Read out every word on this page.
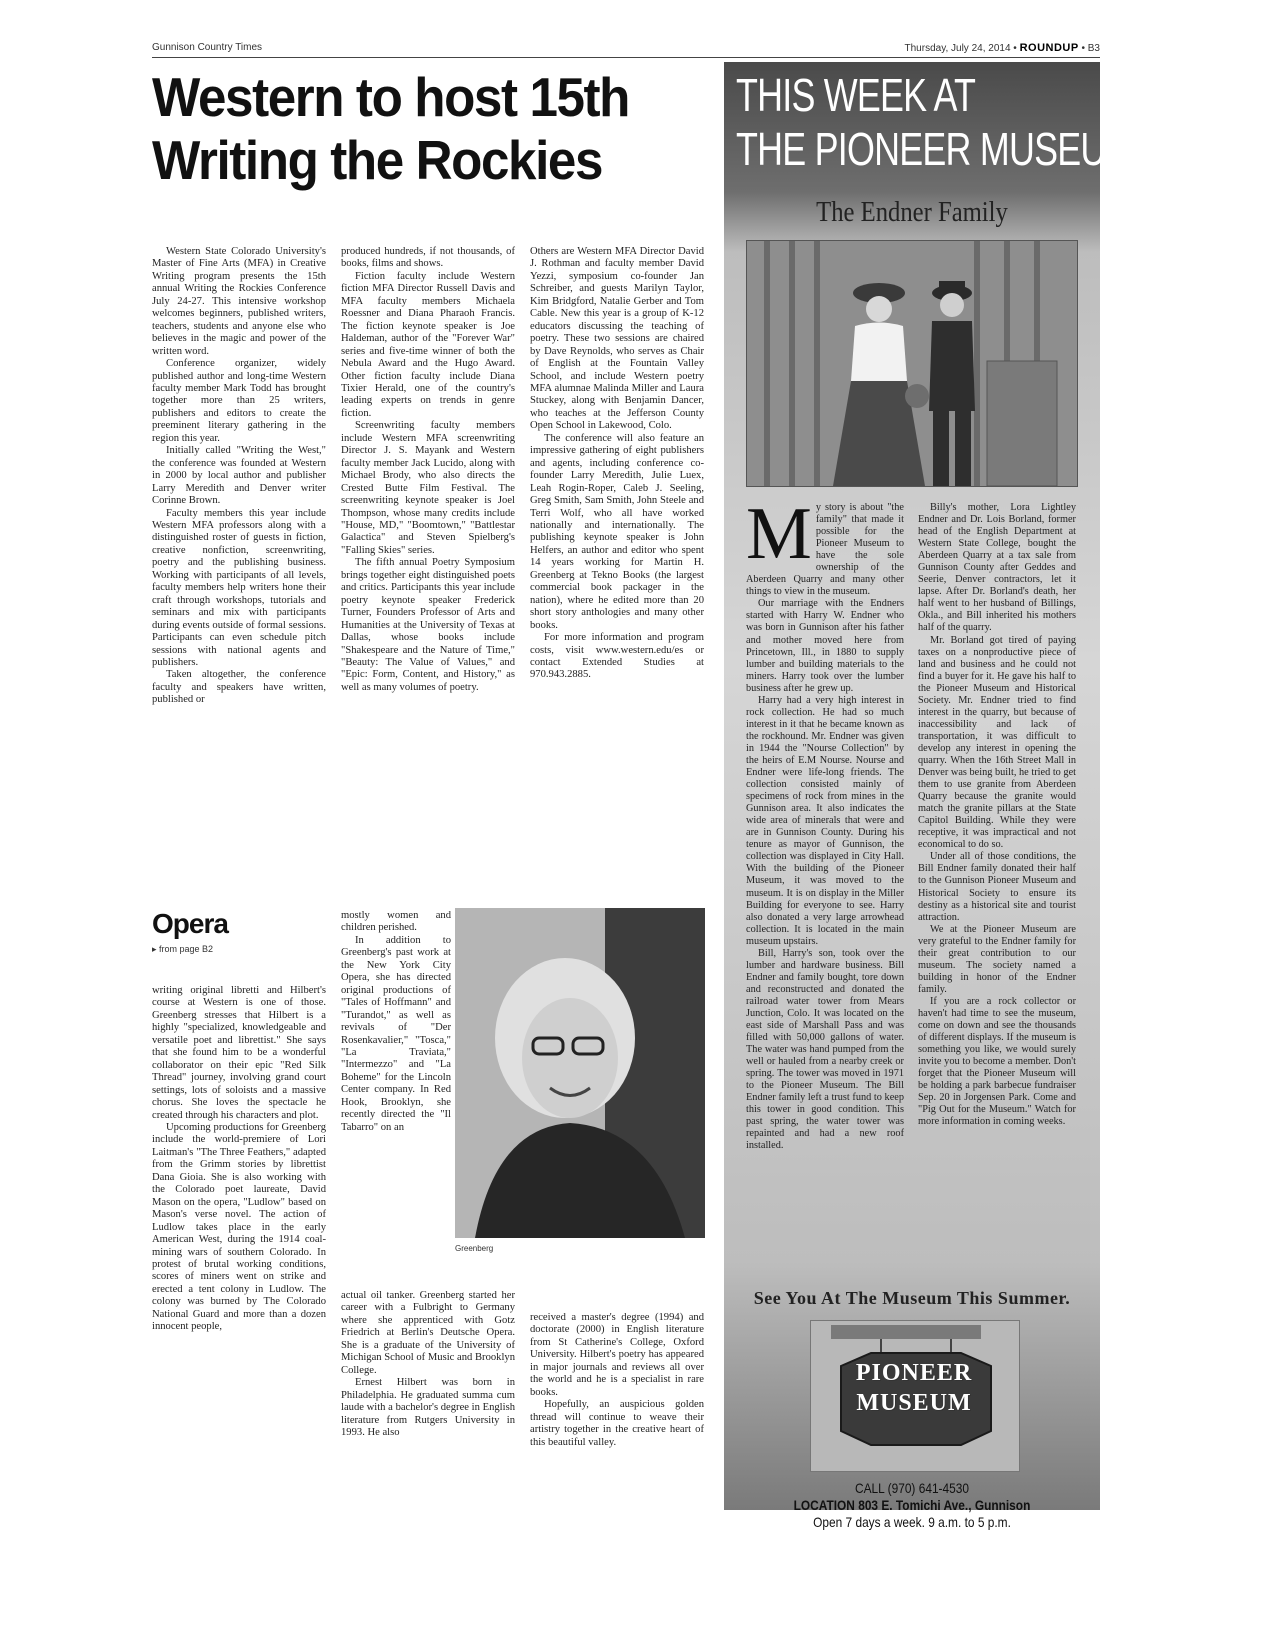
Gunnison Country Times	Thursday, July 24, 2014 • ROUNDUP • B3
Western to host 15th
Writing the Rockies

Western State Colorado University's Master of Fine Arts (MFA) in Creative Writing program presents the 15th annual Writing the Rockies Conference July 24-27. This intensive workshop welcomes beginners, published writers, teachers, students and anyone else who believes in the magic and power of the written word.

Conference organizer, widely published author and long-time Western faculty member Mark Todd has brought together more than 25 writers, publishers and editors to create the preeminent literary gathering in the region this year.

Initially called "Writing the West," the conference was founded at Western in 2000 by local author and publisher Larry Meredith and Denver writer Corinne Brown.

Faculty members this year include Western MFA professors along with a distinguished roster of guests in fiction, creative nonfiction, screenwriting, poetry and the publishing business. Working with participants of all levels, faculty members help writers hone their craft through workshops, tutorials and seminars and mix with participants during events outside of formal sessions. Participants can even schedule pitch sessions with national agents and publishers.

Taken altogether, the conference faculty and speakers have written, published or

produced hundreds, if not thousands, of books, films and shows.

Fiction faculty include Western fiction MFA Director Russell Davis and MFA faculty members Michaela Roessner and Diana Pharaoh Francis. The fiction keynote speaker is Joe Haldeman, author of the "Forever War" series and five-time winner of both the Nebula Award and the Hugo Award. Other fiction faculty include Diana Tixier Herald, one of the country's leading experts on trends in genre fiction.

Screenwriting faculty members include Western MFA screenwriting Director J. S. Mayank and Western faculty member Jack Lucido, along with Michael Brody, who also directs the Crested Butte Film Festival. The screenwriting keynote speaker is Joel Thompson, whose many credits include "House, MD," "Boomtown," "Battlestar Galactica" and Steven Spielberg's "Falling Skies" series.

The fifth annual Poetry Symposium brings together eight distinguished poets and critics. Participants this year include poetry keynote speaker Frederick Turner, Founders Professor of Arts and Humanities at the University of Texas at Dallas, whose books include "Shakespeare and the Nature of Time," "Beauty: The Value of Values," and "Epic: Form, Content, and History," as well as many volumes of poetry.

Others are Western MFA Director David J. Rothman and faculty member David Yezzi, symposium co-founder Jan Schreiber, and guests Marilyn Taylor, Kim Bridgford, Natalie Gerber and Tom Cable. New this year is a group of K-12 educators discussing the teaching of poetry. These two sessions are chaired by Dave Reynolds, who serves as Chair of English at the Fountain Valley School, and include Western poetry MFA alumnae Malinda Miller and Laura Stuckey, along with Benjamin Dancer, who teaches at the Jefferson County Open School in Lakewood, Colo.

The conference will also feature an impressive gathering of eight publishers and agents, including conference co-founder Larry Meredith, Julie Luex, Leah Rogin-Roper, Caleb J. Seeling, Greg Smith, Sam Smith, John Steele and Terri Wolf, who all have worked nationally and internationally. The publishing keynote speaker is John Helfers, an author and editor who spent 14 years working for Martin H. Greenberg at Tekno Books (the largest commercial book packager in the nation), where he edited more than 20 short story anthologies and many other books.

For more information and program costs, visit www.western.edu/es or contact Extended Studies at 970.943.2885.

Opera
▸ from page B2

writing original libretti and Hilbert's course at Western is one of those. Greenberg stresses that Hilbert is a highly "specialized, knowledgeable and versatile poet and librettist." She says that she found him to be a wonderful collaborator on their epic "Red Silk Thread" journey, involving grand court settings, lots of soloists and a massive chorus. She loves the spectacle he created through his characters and plot.

Upcoming productions for Greenberg include the world-premiere of Lori Laitman's "The Three Feathers," adapted from the Grimm stories by librettist Dana Gioia. She is also working with the Colorado poet laureate, David Mason on the opera, "Ludlow" based on Mason's verse novel. The action of Ludlow takes place in the early American West, during the 1914 coal-mining wars of southern Colorado. In protest of brutal working conditions, scores of miners went on strike and erected a tent colony in Ludlow. The colony was burned by The Colorado National Guard and more than a dozen innocent people,

mostly women and children perished.

In addition to Greenberg's past work at the New York City Opera, she has directed original productions of "Tales of Hoffmann" and "Turandot," as well as revivals of "Der Rosenkavalier," "Tosca," "La Traviata," "Intermezzo" and "La Boheme" for the Lincoln Center company. In Red Hook, Brooklyn, she recently directed the "Il Tabarro" on an

actual oil tanker. Greenberg started her career with a Fulbright to Germany where she apprenticed with Gotz Friedrich at Berlin's Deutsche Opera. She is a graduate of the University of Michigan School of Music and Brooklyn College.

Ernest Hilbert was born in Philadelphia. He graduated summa cum laude with a bachelor's degree in English literature from Rutgers University in 1993. He also

received a master's degree (1994) and doctorate (2000) in English literature from St Catherine's College, Oxford University. Hilbert's poetry has appeared in major journals and reviews all over the world and he is a specialist in rare books.

Hopefully, an auspicious golden thread will continue to weave their artistry together in the creative heart of this beautiful valley.

Greenberg
THIS WEEK AT
THE PIONEER MUSEUM
The Endner Family

My story is about "the family" that made it possible for the Pioneer Museum to have the sole ownership of the Aberdeen Quarry and many other things to view in the museum.

Our marriage with the Endners started with Harry W. Endner who was born in Gunnison after his father and mother moved here from Princetown, Ill., in 1880 to supply lumber and building materials to the miners. Harry took over the lumber business after he grew up.

Harry had a very high interest in rock collection. He had so much interest in it that he became known as the rockhound. Mr. Endner was given in 1944 the "Nourse Collection" by the heirs of E.M Nourse. Nourse and Endner were life-long friends. The collection consisted mainly of specimens of rock from mines in the Gunnison area. It also indicates the wide area of minerals that were and are in Gunnison County. During his tenure as mayor of Gunnison, the collection was displayed in City Hall. With the building of the Pioneer Museum, it was moved to the museum. It is on display in the Miller Building for everyone to see. Harry also donated a very large arrowhead collection. It is located in the main museum upstairs.

Bill, Harry's son, took over the lumber and hardware business. Bill Endner and family bought, tore down and reconstructed and donated the railroad water tower from Mears Junction, Colo. It was located on the east side of Marshall Pass and was filled with 50,000 gallons of water. The water was hand pumped from the well or hauled from a nearby creek or spring. The tower was moved in 1971 to the Pioneer Museum. The Bill Endner family left a trust fund to keep this tower in good condition. This past spring, the water tower was repainted and had a new roof installed.

Billy's mother, Lora Lightley Endner and Dr. Lois Borland, former head of the English Department at Western State College, bought the Aberdeen Quarry at a tax sale from Gunnison County after Geddes and Seerie, Denver contractors, let it lapse. After Dr. Borland's death, her half went to her husband of Billings, Okla., and Bill inherited his mothers half of the quarry.

Mr. Borland got tired of paying taxes on a nonproductive piece of land and business and he could not find a buyer for it. He gave his half to the Pioneer Museum and Historical Society. Mr. Endner tried to find interest in the quarry, but because of inaccessibility and lack of transportation, it was difficult to develop any interest in opening the quarry. When the 16th Street Mall in Denver was being built, he tried to get them to use granite from Aberdeen Quarry because the granite would match the granite pillars at the State Capitol Building. While they were receptive, it was impractical and not economical to do so.

Under all of those conditions, the Bill Endner family donated their half to the Gunnison Pioneer Museum and Historical Society to ensure its destiny as a historical site and tourist attraction.

We at the Pioneer Museum are very grateful to the Endner family for their great contribution to our museum. The society named a building in honor of the Endner family.

If you are a rock collector or haven't had time to see the museum, come on down and see the thousands of different displays. If the museum is something you like, we would surely invite you to become a member. Don't forget that the Pioneer Museum will be holding a park barbecue fundraiser Sep. 20 in Jorgensen Park. Come and "Pig Out for the Museum." Watch for more information in coming weeks.

See You At The Museum This Summer.
PIONEER
MUSEUM
CALL (970) 641-4530
LOCATION 803 E. Tomichi Ave., Gunnison
Open 7 days a week. 9 a.m. to 5 p.m.
